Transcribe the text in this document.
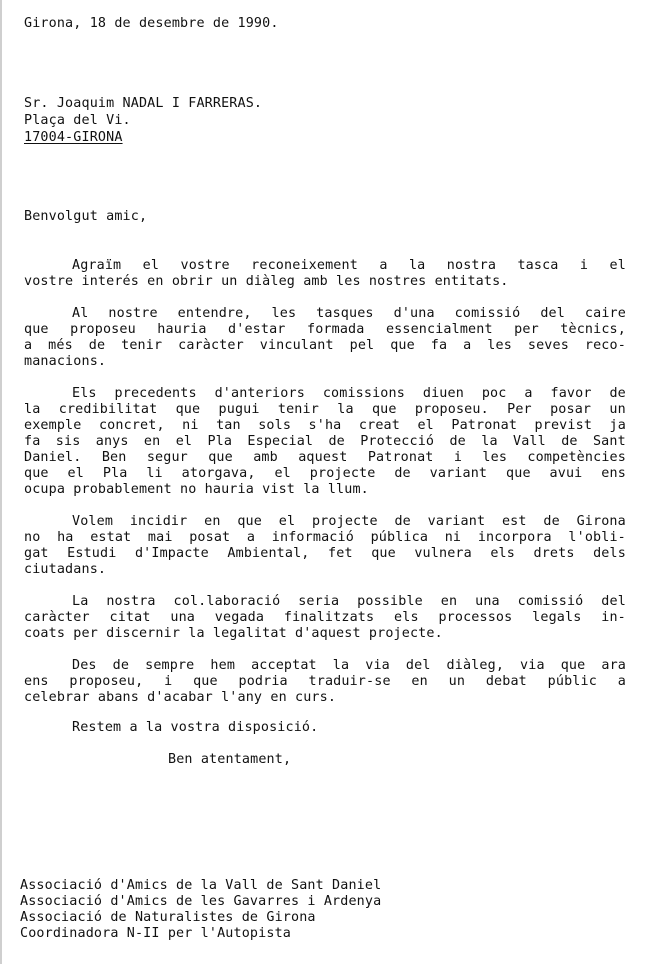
Girona, 18 de desembre de 1990.
Sr. Joaquim NADAL I FARRERAS.
Plaça del Vi.
17004-GIRONA
Benvolgut amic,
Agraïm el vostre reconeixement a la nostra tasca i el
vostre interés en obrir un diàleg amb les nostres entitats.
Al nostre entendre, les tasques d'una comissió del caire
que proposeu hauria d'estar formada essencialment per tècnics,
a més de tenir caràcter vinculant pel que fa a les seves reco-
manacions.
Els precedents d'anteriors comissions diuen poc a favor de
la credibilitat que pugui tenir la que proposeu. Per posar un
exemple concret, ni tan sols s'ha creat el Patronat previst ja
fa sis anys en el Pla Especial de Protecció de la Vall de Sant
Daniel. Ben segur que amb aquest Patronat i les competències
que el Pla li atorgava, el projecte de variant que avui ens
ocupa probablement no hauria vist la llum.
Volem incidir en que el projecte de variant est de Girona
no ha estat mai posat a informació pública ni incorpora l'obli-
gat Estudi d'Impacte Ambiental, fet que vulnera els drets dels
ciutadans.
La nostra col.laboració seria possible en una comissió del
caràcter citat una vegada finalitzats els processos legals in-
coats per discernir la legalitat d'aquest projecte.
Des de sempre hem acceptat la via del diàleg, via que ara
ens proposeu, i que podria traduir-se en un debat públic a
celebrar abans d'acabar l'any en curs.
Restem a la vostra disposició.
Ben atentament,
Associació d'Amics de la Vall de Sant Daniel
Associació d'Amics de les Gavarres i Ardenya
Associació de Naturalistes de Girona
Coordinadora N-II per l'Autopista
